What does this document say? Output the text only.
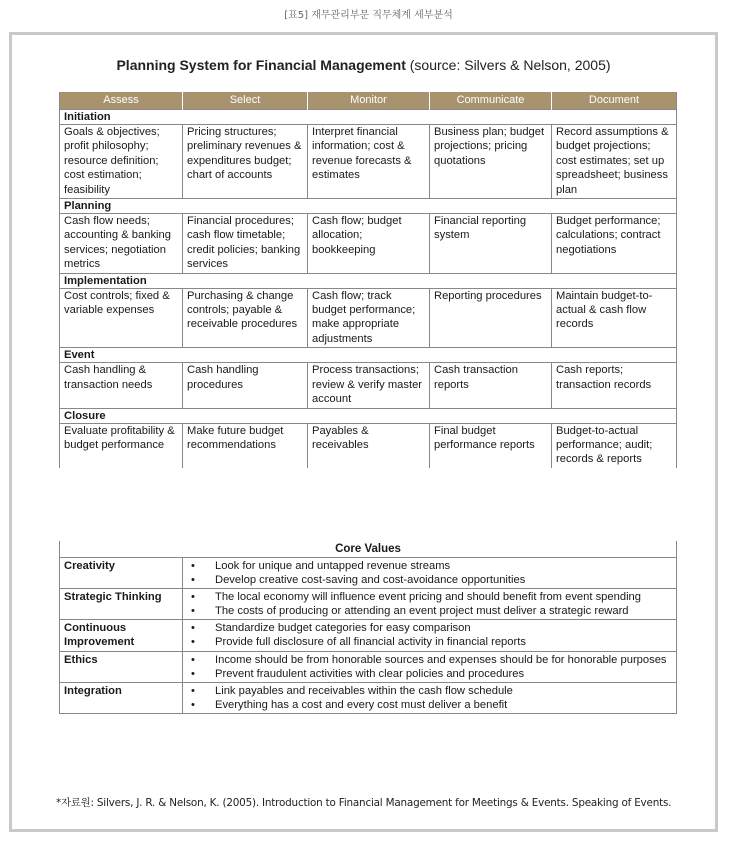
[표5] 재무관리부문 직무체계 세부분석
Planning System for Financial Management (source: Silvers & Nelson, 2005)
Assess	Select	Monitor	Communicate	Document
Initiation				
Goals & objectives; profit philosophy; resource definition; cost estimation; feasibility	Pricing structures; preliminary revenues & expenditures budget; chart of accounts	Interpret financial information; cost & revenue forecasts & estimates	Business plan; budget projections; pricing quotations	Record assumptions & budget projections; cost estimates; set up spreadsheet; business plan
Planning				
Cash flow needs; accounting & banking services; negotiation metrics	Financial procedures; cash flow timetable; credit policies; banking services	Cash flow; budget allocation; bookkeeping	Financial reporting system	Budget performance; calculations; contract negotiations
Implementation				
Cost controls; fixed & variable expenses	Purchasing & change controls; payable & receivable procedures	Cash flow; track budget performance; make appropriate adjustments	Reporting procedures	Maintain budget-to-actual & cash flow records
Event				
Cash handling & transaction needs	Cash handling procedures	Process transactions; review & verify master account	Cash transaction reports	Cash reports; transaction records
Closure				
Evaluate profitability & budget performance	Make future budget recommendations	Payables & receivables	Final budget performance reports	Budget-to-actual performance; audit; records & reports
Core Values	
Creativity	• Look for unique and untapped revenue streams
• Develop creative cost-saving and cost-avoidance opportunities

Strategic Thinking	• The local economy will influence event pricing and should benefit from event spending
• The costs of producing or attending an event project must deliver a strategic reward

Continuous Improvement	• Standardize budget categories for easy comparison
• Provide full disclosure of all financial activity in financial reports

Ethics	• Income should be from honorable sources and expenses should be for honorable purposes
• Prevent fraudulent activities with clear policies and procedures

Integration	• Link payables and receivables within the cash flow schedule
• Everything has a cost and every cost must deliver a benefit
*자료원: Silvers, J. R. & Nelson, K. (2005). Introduction to Financial Management for Meetings & Events. Speaking of Events.
